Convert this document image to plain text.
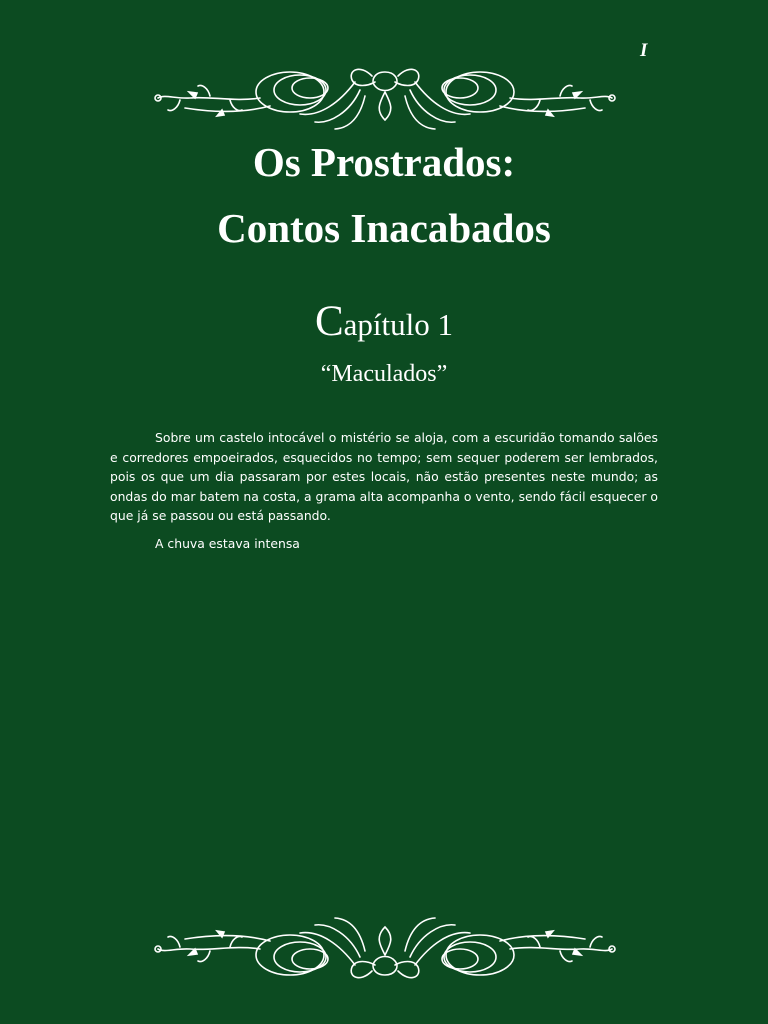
I
Os Prostrados:
Contos Inacabados
Capítulo 1
“Maculados”

Sobre um castelo intocável o mistério se aloja, com a escuridão tomando salões e corredores empoeirados, esquecidos no tempo; sem sequer poderem ser lembrados, pois os que um dia passaram por estes locais, não estão presentes neste mundo; as ondas do mar batem na costa, a grama alta acompanha o vento, sendo fácil esquecer o que já se passou ou está passando.

A chuva estava intensa
